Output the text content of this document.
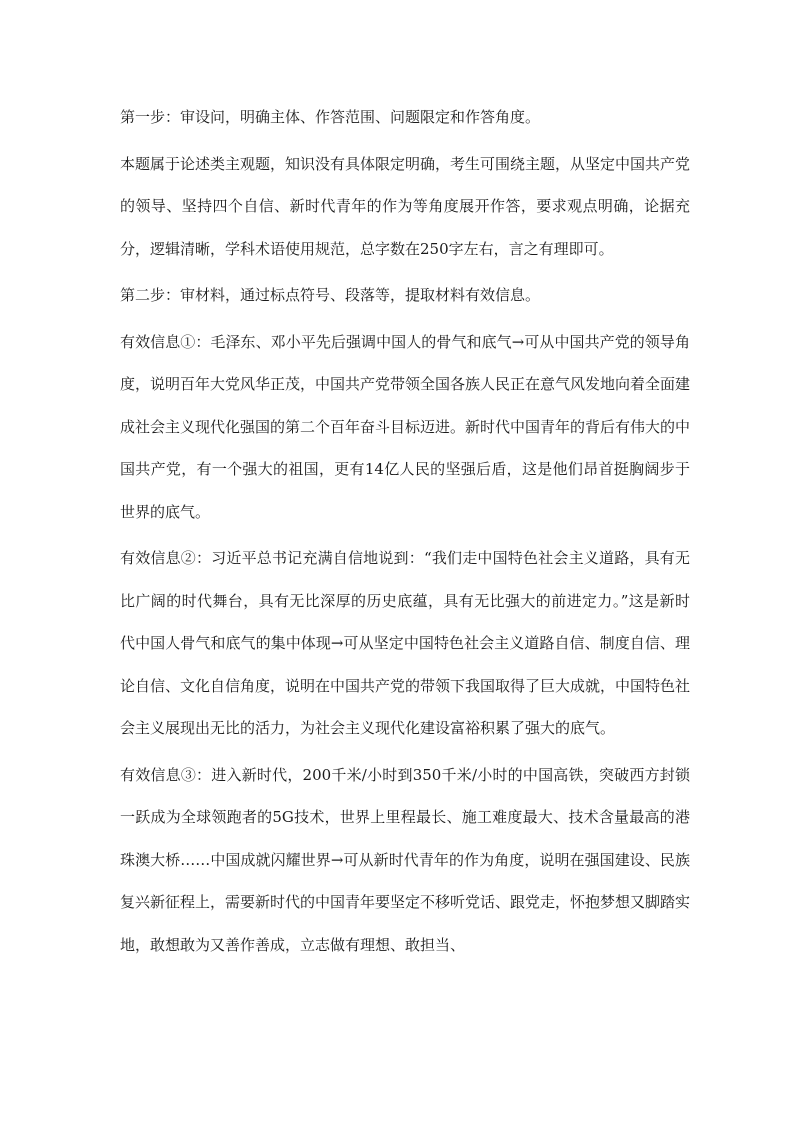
第一步：审设问，明确主体、作答范围、问题限定和作答角度。

本题属于论述类主观题，知识没有具体限定明确，考生可围绕主题，从坚定中国共产党的领导、坚持四个自信、新时代青年的作为等角度展开作答，要求观点明确，论据充分，逻辑清晰，学科术语使用规范，总字数在250字左右，言之有理即可。

第二步：审材料，通过标点符号、段落等，提取材料有效信息。

有效信息①：毛泽东、邓小平先后强调中国人的骨气和底气→可从中国共产党的领导角度，说明百年大党风华正茂，中国共产党带领全国各族人民正在意气风发地向着全面建成社会主义现代化强国的第二个百年奋斗目标迈进。新时代中国青年的背后有伟大的中国共产党，有一个强大的祖国，更有14亿人民的坚强后盾，这是他们昂首挺胸阔步于世界的底气。

有效信息②：习近平总书记充满自信地说到：“我们走中国特色社会主义道路，具有无比广阔的时代舞台，具有无比深厚的历史底蕴，具有无比强大的前进定力。”这是新时代中国人骨气和底气的集中体现→可从坚定中国特色社会主义道路自信、制度自信、理论自信、文化自信角度，说明在中国共产党的带领下我国取得了巨大成就，中国特色社会主义展现出无比的活力，为社会主义现代化建设富裕积累了强大的底气。

有效信息③：进入新时代，200千米/小时到350千米/小时的中国高铁，突破西方封锁一跃成为全球领跑者的5G技术，世界上里程最长、施工难度最大、技术含量最高的港珠澳大桥……中国成就闪耀世界→可从新时代青年的作为角度，说明在强国建设、民族复兴新征程上，需要新时代的中国青年要坚定不移听党话、跟党走，怀抱梦想又脚踏实地，敢想敢为又善作善成，立志做有理想、敢担当、
